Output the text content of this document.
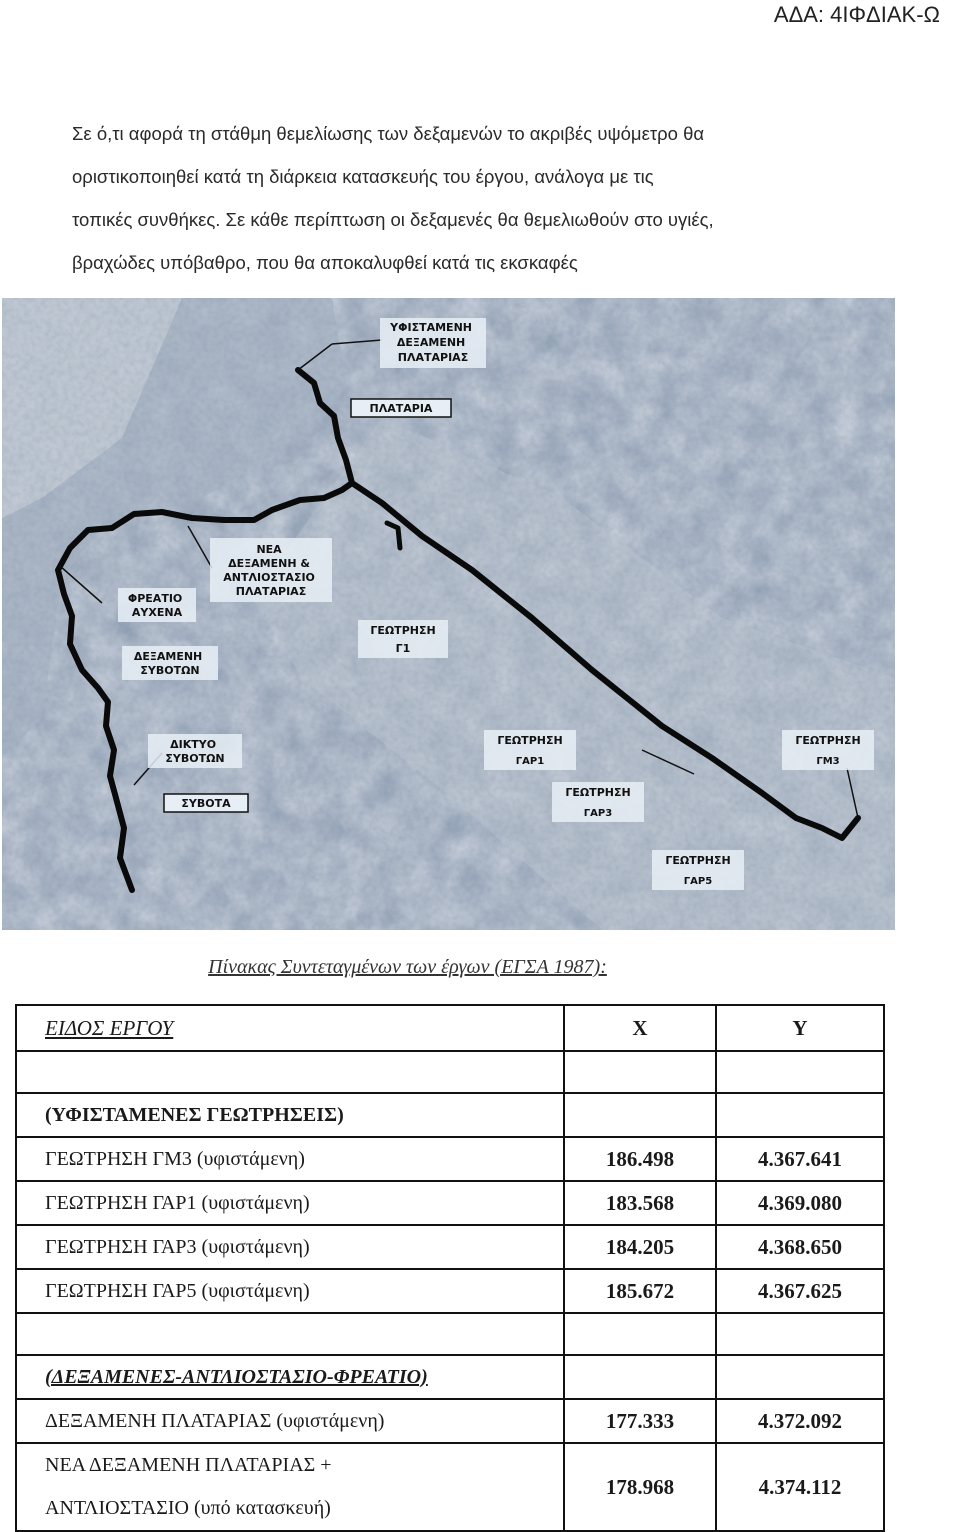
ΑΔΑ: 4ΙΦΔΙΑΚ-Ω

Σε ό,τι αφορά τη στάθμη θεμελίωσης των δεξαμενών το ακριβές υψόμετρο θα

οριστικοποιηθεί κατά τη διάρκεια κατασκευής του έργου, ανάλογα με τις

τοπικές συνθήκες. Σε κάθε περίπτωση οι δεξαμενές θα θεμελιωθούν στο υγιές,

βραχώδες υπόβαθρο, που θα αποκαλυφθεί κατά τις εκσκαφές

ΥΦΙΣΤΑΜΕΝΗ ΔΕΞΑΜΕΝΗ ΠΛΑΤΑΡΙΑΣ
ΠΛΑΤΑΡΙΑ
ΝΕΑ ΔΕΞΑΜΕΝΗ & ΑΝΤΛΙΟΣΤΑΣΙΟ ΠΛΑΤΑΡΙΑΣ
ΦΡΕΑΤΙΟ ΑΥΧΕΝΑ
ΔΕΞΑΜΕΝΗ ΣΥΒΟΤΩΝ
ΓΕΩΤΡΗΣΗ
Γ1
ΔΙΚΤΥΟ ΣΥΒΟΤΩΝ
ΣΥΒΟΤΑ
ΓΕΩΤΡΗΣΗ
ΓΑΡ1
ΓΕΩΤΡΗΣΗ
ΓΜ3
ΓΕΩΤΡΗΣΗ
ΓΑΡ3
ΓΕΩΤΡΗΣΗ
ΓΑΡ5
Πίνακας Συντεταγμένων των έργων (ΕΓΣΑ 1987):
ΕΙΔΟΣ ΕΡΓΟΥ	Χ	Υ

(ΥΦΙΣΤΑΜΕΝΕΣ ΓΕΩΤΡΗΣΕΙΣ)		
ΓΕΩΤΡΗΣΗ ΓΜ3 (υφιστάμενη)	186.498	4.367.641
ΓΕΩΤΡΗΣΗ ΓΑΡ1 (υφιστάμενη)	183.568	4.369.080
ΓΕΩΤΡΗΣΗ ΓΑΡ3 (υφιστάμενη)	184.205	4.368.650
ΓΕΩΤΡΗΣΗ ΓΑΡ5 (υφιστάμενη)	185.672	4.367.625

(ΔΕΞΑΜΕΝΕΣ-ΑΝΤΛΙΟΣΤΑΣΙΟ-ΦΡΕΑΤΙΟ)		
ΔΕΞΑΜΕΝΗ ΠΛΑΤΑΡΙΑΣ (υφιστάμενη)	177.333	4.372.092

ΝΕΑ ΔΕΞΑΜΕΝΗ ΠΛΑΤΑΡΙΑΣ +
ΑΝΤΛΙΟΣΤΑΣΙΟ (υπό κατασκευή)	178.968	4.374.112
